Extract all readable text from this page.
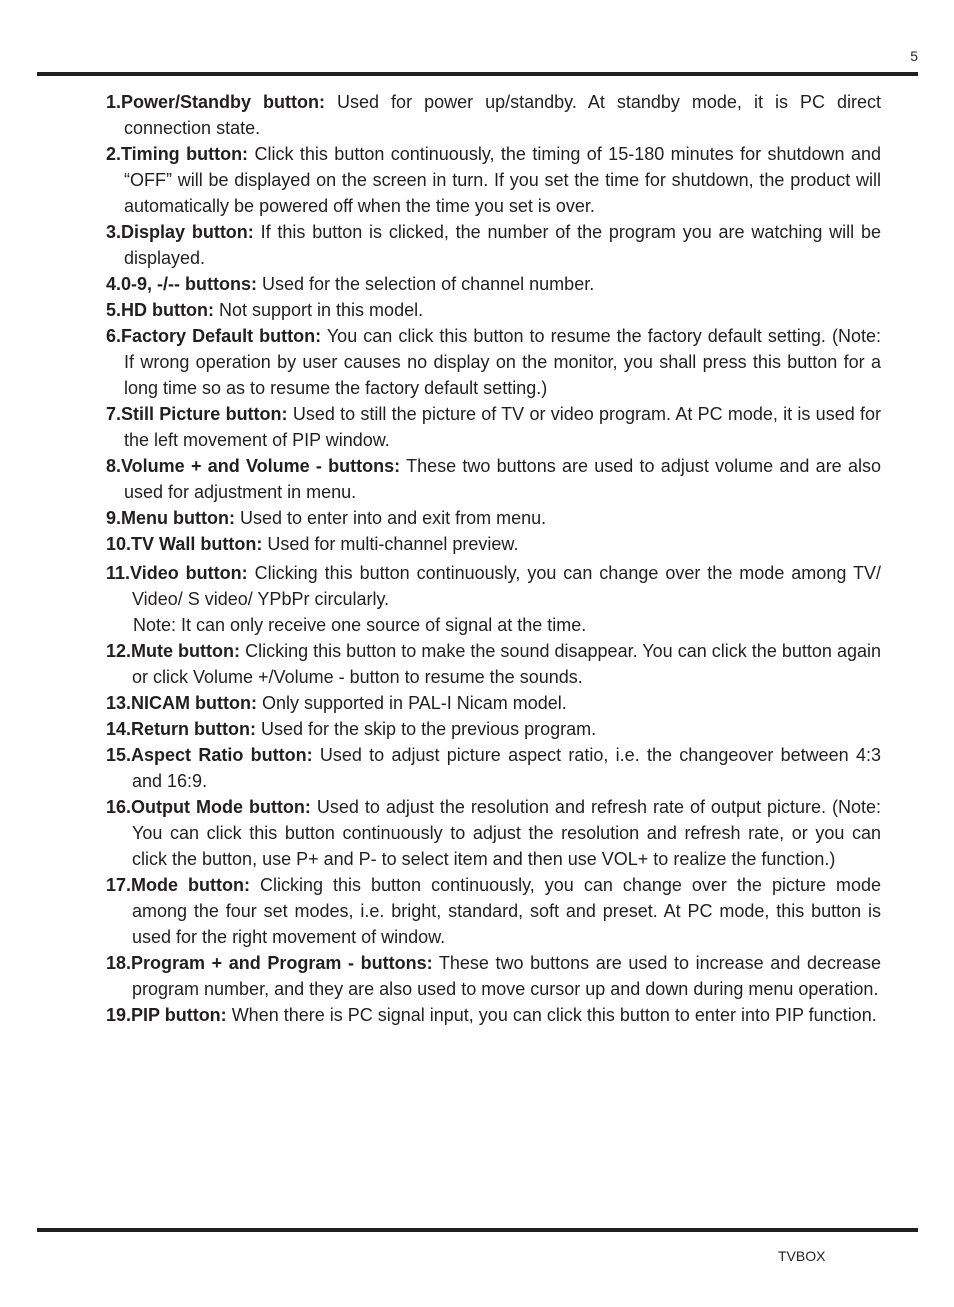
5
1.Power/Standby button: Used for power up/standby. At standby mode, it is PC direct connection state.
2.Timing button: Click this button continuously, the timing of 15-180 minutes for shutdown and “OFF” will be displayed on the screen in turn. If you set the time for shutdown, the product will automatically be powered off when the time you set is over.
3.Display button: If this button is clicked, the number of the program you are watching will be displayed.
4.0-9, -/-- buttons: Used for the selection of channel number.
5.HD button: Not support in this model.
6.Factory Default button: You can click this button to resume the factory default setting. (Note: If wrong operation by user causes no display on the monitor, you shall press this button for a long time so as to resume the factory default setting.)
7.Still Picture button: Used to still the picture of TV or video program. At PC mode, it is used for the left movement of PIP window.
8.Volume + and Volume - buttons: These two buttons are used to adjust volume and are also used for adjustment in menu.
9.Menu button: Used to enter into and exit from menu.
10.TV Wall button: Used for multi-channel preview.
11.Video button: Clicking this button continuously, you can change over the mode among TV/ Video/ S video/ YPbPr circularly.
Note: It can only receive one source of signal at the time.
12.Mute button: Clicking this button to make the sound disappear. You can click the button again or click Volume +/Volume - button to resume the sounds.
13.NICAM button: Only supported in PAL-I Nicam model.
14.Return button: Used for the skip to the previous program.
15.Aspect Ratio button: Used to adjust picture aspect ratio, i.e. the changeover between 4:3 and 16:9.
16.Output Mode button: Used to adjust the resolution and refresh rate of output picture. (Note: You can click this button continuously to adjust the resolution and refresh rate, or you can click the button, use P+ and P- to select item and then use VOL+ to realize the function.)
17.Mode button: Clicking this button continuously, you can change over the picture mode among the four set modes, i.e. bright, standard, soft and preset. At PC mode, this button is used for the right movement of window.
18.Program + and Program - buttons: These two buttons are used to increase and decrease program number, and they are also used to move cursor up and down during menu operation.
19.PIP button: When there is PC signal input, you can click this button to enter into PIP function.
TVBOX
